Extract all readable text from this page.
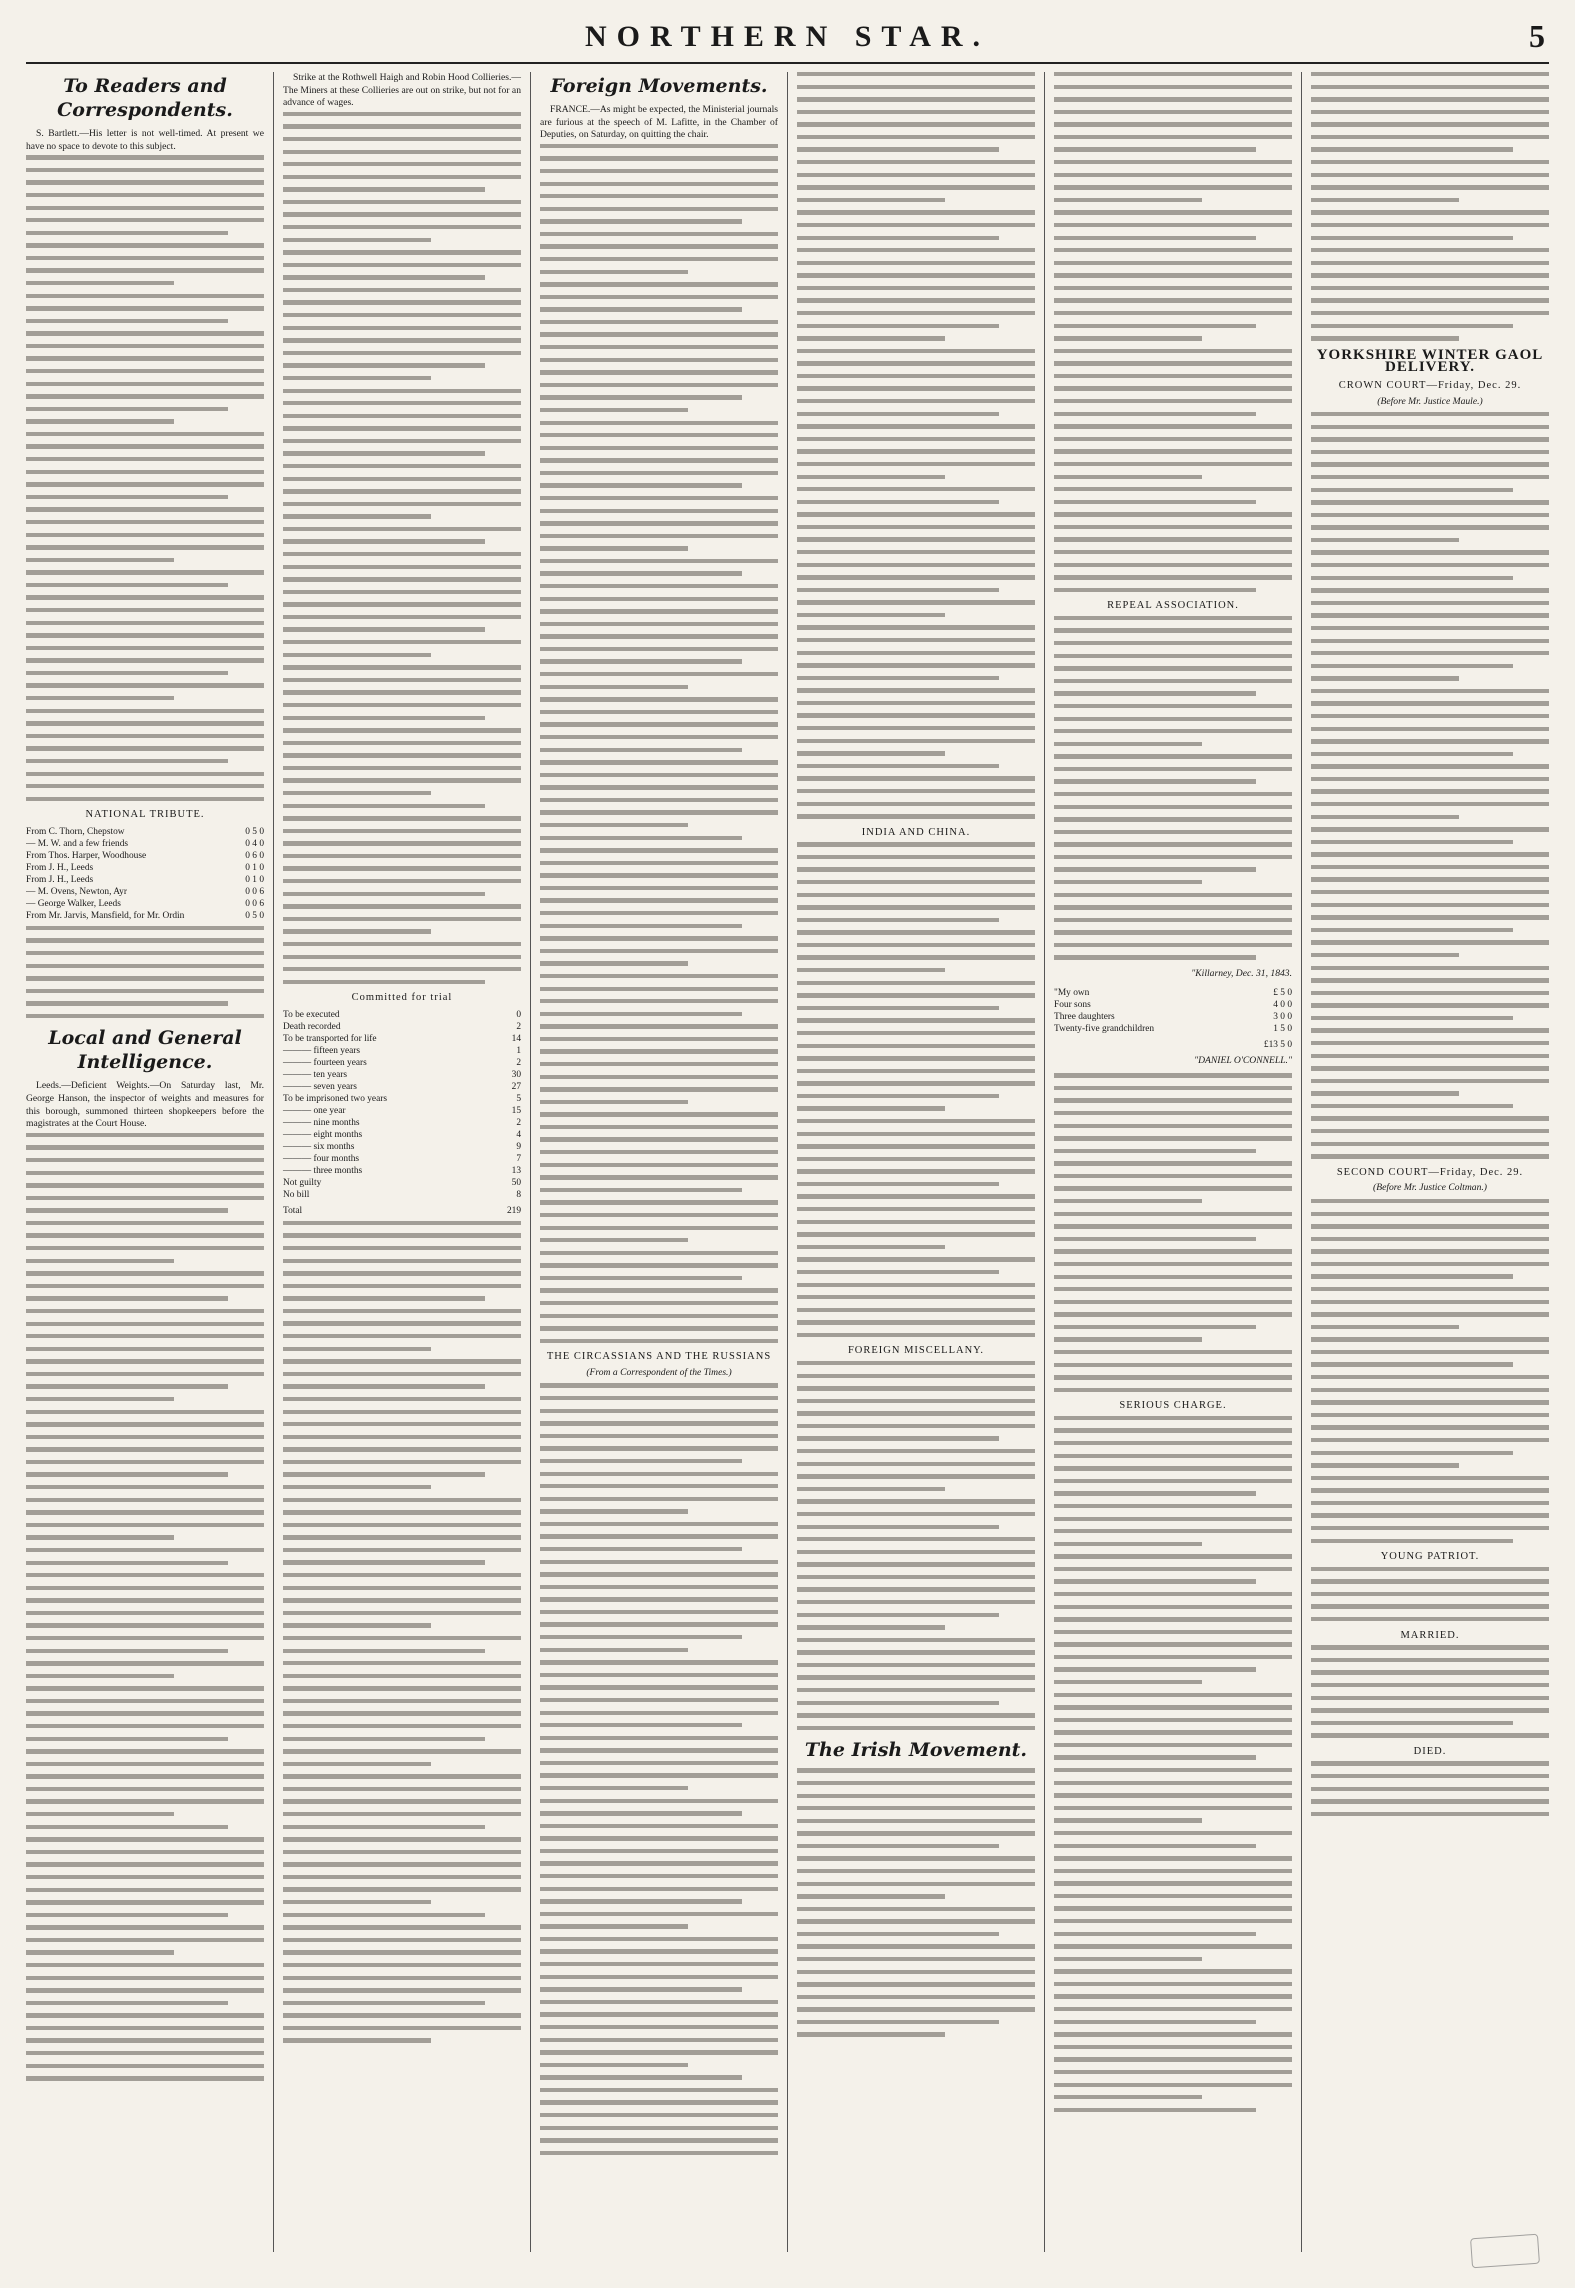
NORTHERN STAR.	5
To Readers and Correspondents.

S. Bartlett.—His letter is not well-timed. At present we have no space to devote to this subject.

NATIONAL TRIBUTE.
From C. Thorn, Chepstow	0 5 0
— M. W. and a few friends	0 4 0
From Thos. Harper, Woodhouse	0 6 0
From J. H., Leeds	0 1 0
From J. H., Leeds	0 1 0
— M. Ovens, Newton, Ayr	0 0 6
— George Walker, Leeds	0 0 6
From Mr. Jarvis, Mansfield, for Mr. Ordin	0 5 0

Local and General Intelligence.

Leeds.—Deficient Weights.—On Saturday last, Mr. George Hanson, the inspector of weights and measures for this borough, summoned thirteen shopkeepers before the magistrates at the Court House.

Strike at the Rothwell Haigh and Robin Hood Collieries.—The Miners at these Collieries are out on strike, but not for an advance of wages.

Committed for trial
To be executed	0
Death recorded	2
To be transported for life	14
——— fifteen years	1
——— fourteen years	2
——— ten years	30
——— seven years	27
To be imprisoned two years	5
——— one year	15
——— nine months	2
——— eight months	4
——— six months	9
——— four months	7
——— three months	13
Not guilty	50
No bill	8
Total	219

Foreign Movements.

FRANCE.—As might be expected, the Ministerial journals are furious at the speech of M. Lafitte, in the Chamber of Deputies, on Saturday, on quitting the chair.

THE CIRCASSIANS AND THE RUSSIANS
(From a Correspondent of the Times.)

INDIA AND CHINA.

FOREIGN MISCELLANY.

The Irish Movement.

REPEAL ASSOCIATION.

"Killarney, Dec. 31, 1843.
"My own	£ 5 0
Four sons	4 0 0
Three daughters	3 0 0
Twenty-five grandchildren	1 5 0
£13 5 0
"DANIEL O'CONNELL."

SERIOUS CHARGE.

YORKSHIRE WINTER GAOL DELIVERY.
CROWN COURT—Friday, Dec. 29.
(Before Mr. Justice Maule.)

SECOND COURT—Friday, Dec. 29.
(Before Mr. Justice Coltman.)

YOUNG PATRIOT.

MARRIED.

DIED.
